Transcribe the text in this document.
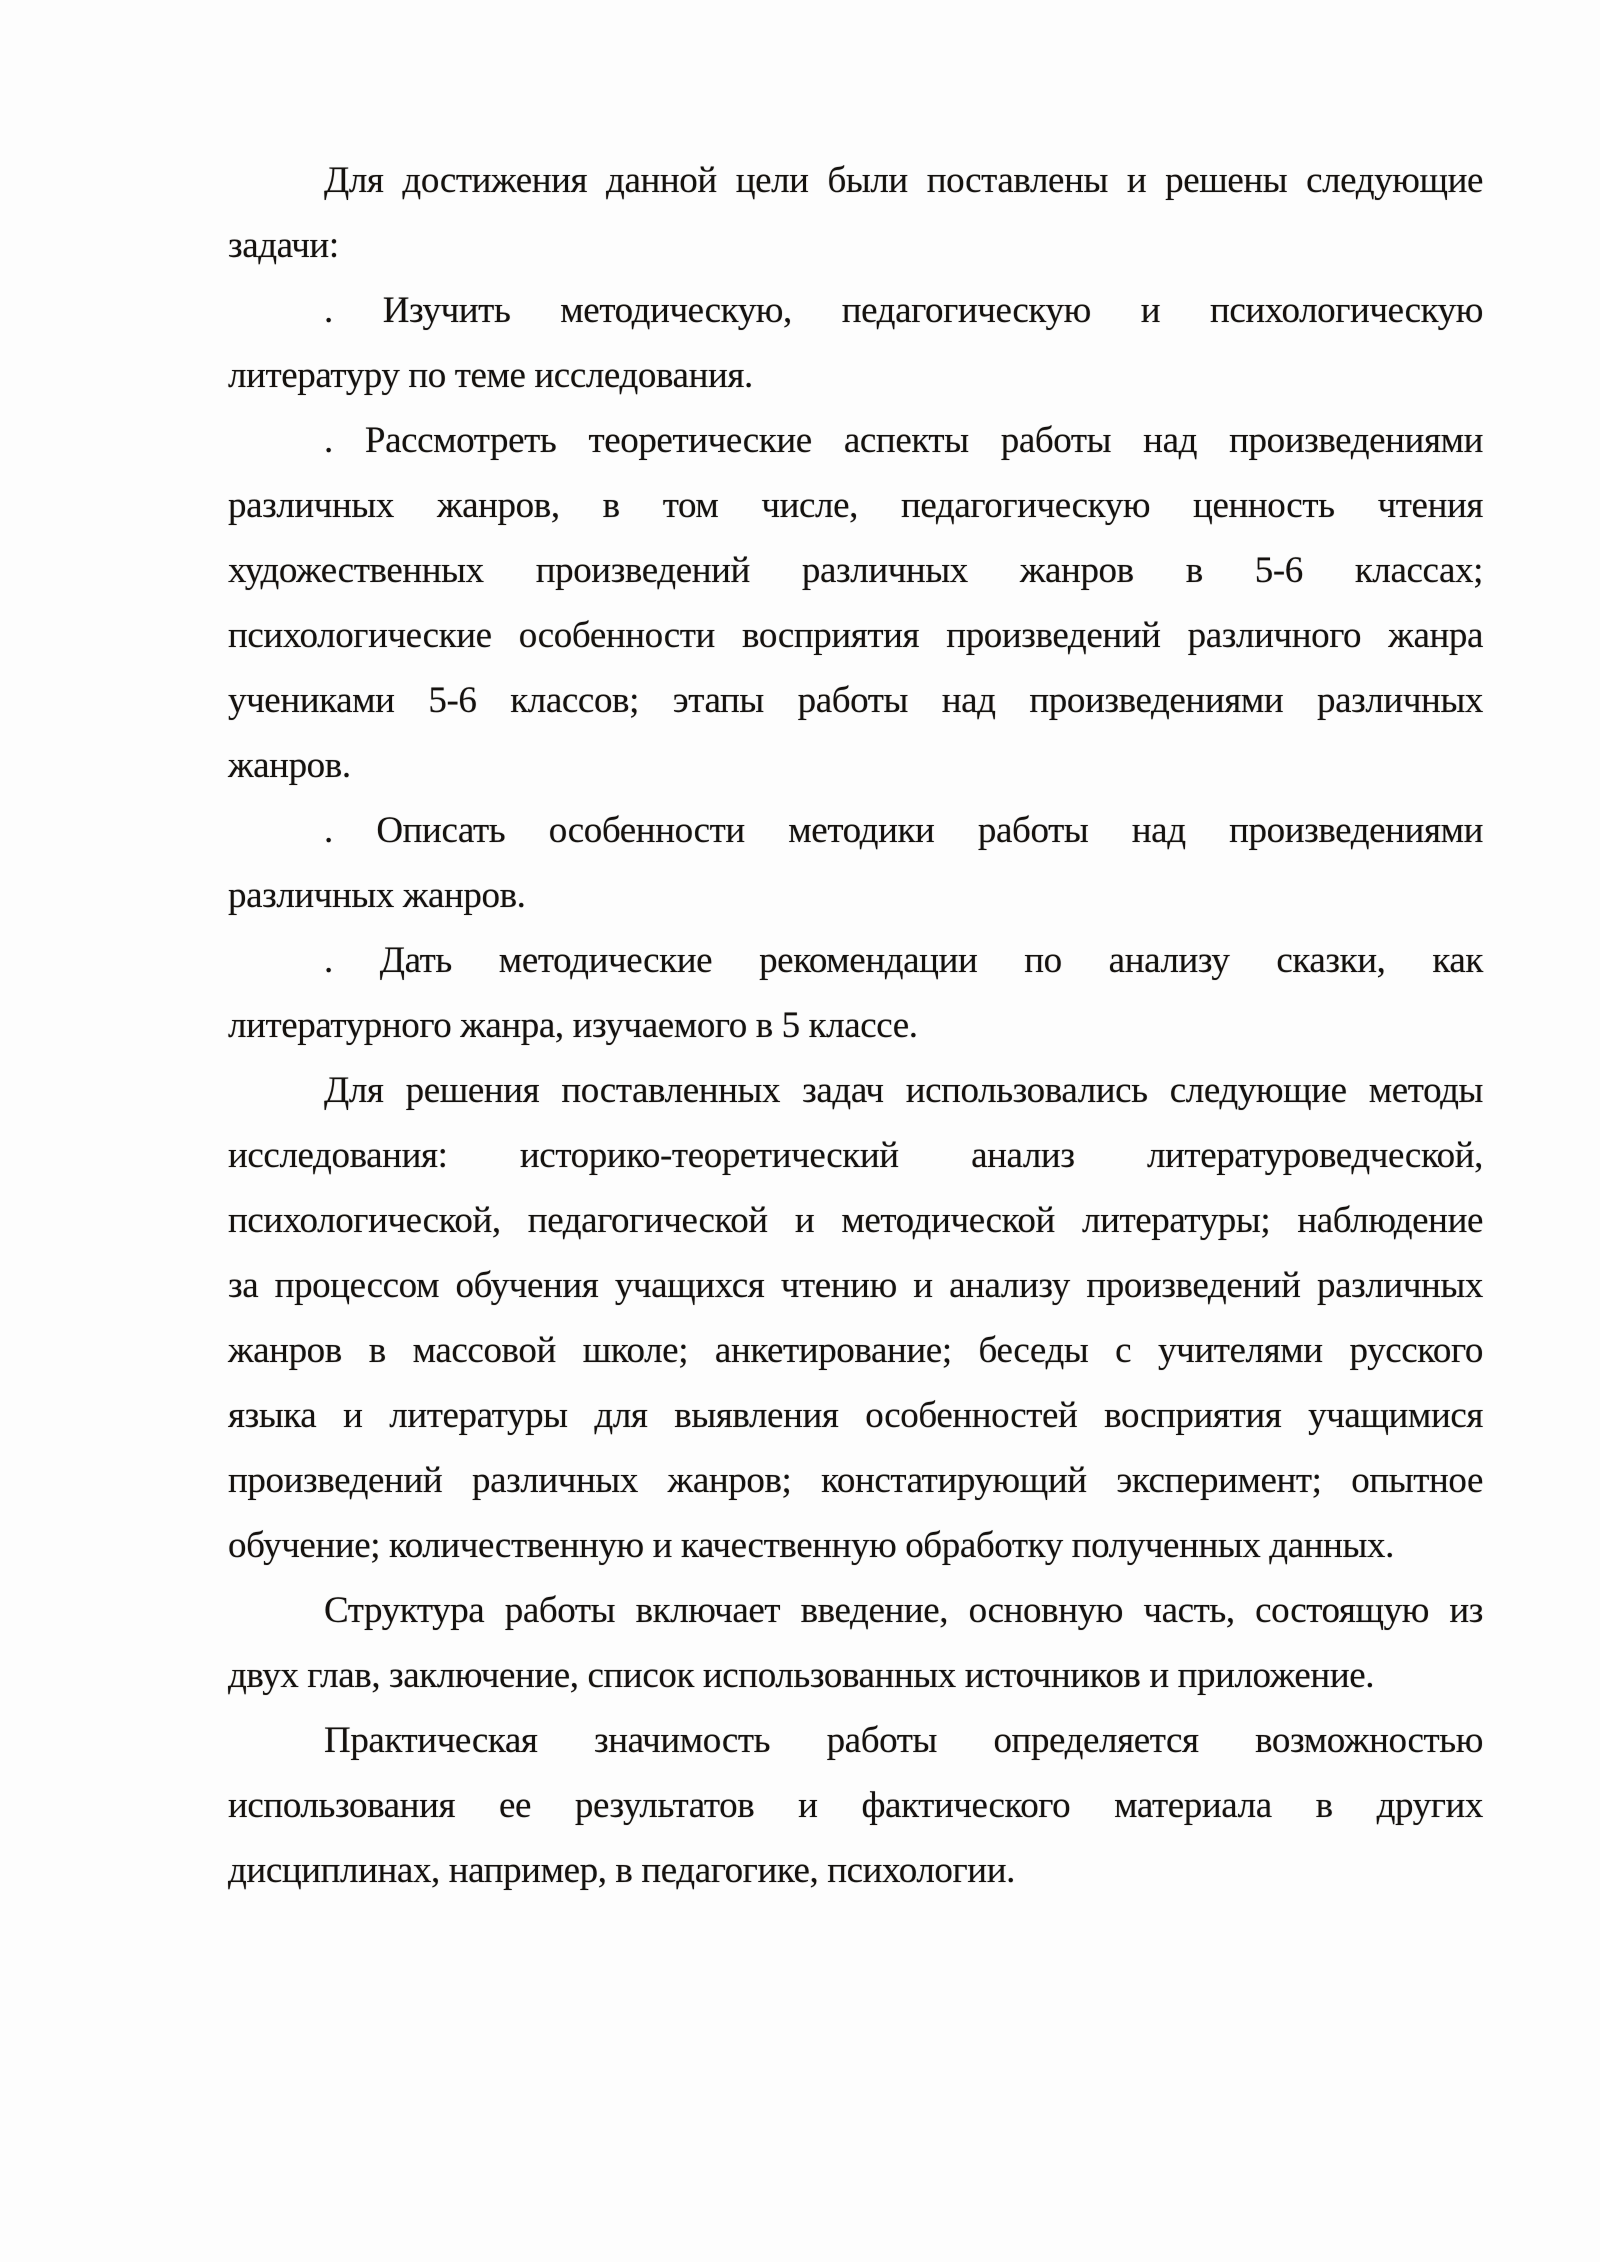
Для достижения данной цели были поставлены и решены следующие
задачи:
. Изучить методическую, педагогическую и психологическую
литературу по теме исследования.
. Рассмотреть теоретические аспекты работы над произведениями
различных жанров, в том числе, педагогическую ценность чтения
художественных произведений различных жанров в 5-6 классах;
психологические особенности восприятия произведений различного жанра
учениками 5-6 классов; этапы работы над произведениями различных
жанров.
. Описать особенности методики работы над произведениями
различных жанров.
. Дать методические рекомендации по анализу сказки, как
литературного жанра, изучаемого в 5 классе.
Для решения поставленных задач использовались следующие методы
исследования: историко-теоретический анализ литературоведческой,
психологической, педагогической и методической литературы; наблюдение
за процессом обучения учащихся чтению и анализу произведений различных
жанров в массовой школе; анкетирование; беседы с учителями русского
языка и литературы для выявления особенностей восприятия учащимися
произведений различных жанров; констатирующий эксперимент; опытное
обучение; количественную и качественную обработку полученных данных.
Структура работы включает введение, основную часть, состоящую из
двух глав, заключение, список использованных источников и приложение.
Практическая значимость работы определяется возможностью
использования ее результатов и фактического материала в других
дисциплинах, например, в педагогике, психологии.
